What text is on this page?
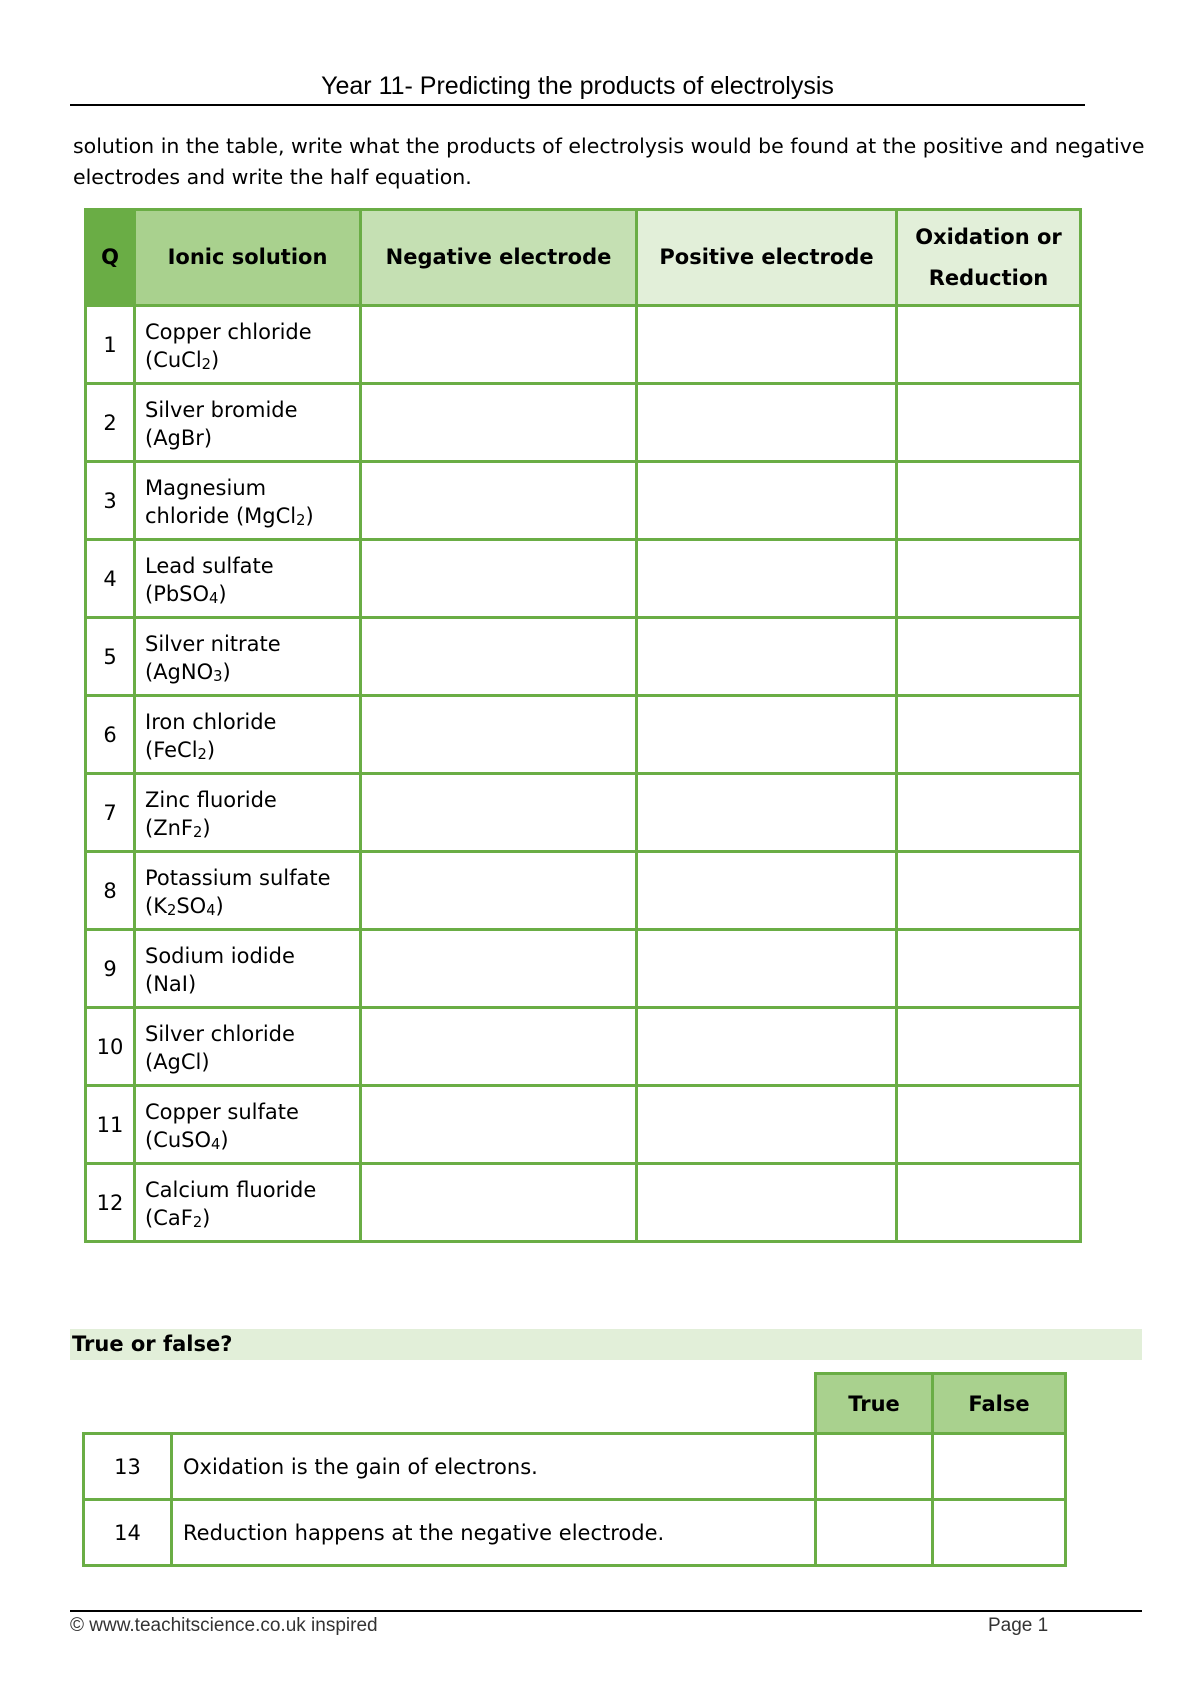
Year 11- Predicting the products of electrolysis
solution in the table, write what the products of electrolysis would be found at the positive and negative electrodes and write the half equation.
Q	Ionic solution	Negative electrode	Positive electrode	Oxidation or Reduction
1	Copper chloride
(CuCl$_2$)			

2	Silver bromide
(AgBr)			

3	Magnesium
chloride (MgCl$_2$)			

4	Lead sulfate
(PbSO$_4$)			

5	Silver nitrate
(AgNO$_3$)			

6	Iron chloride
(FeCl$_2$)			

7	Zinc fluoride
(ZnF$_2$)			

8	Potassium sulfate
$(K_2SO_4)$			

9	Sodium iodide
(NaI)			

10	Silver chloride
(AgCl)			

11	Copper sulfate
(CuSO$_4$)			

12	Calcium fluoride
(CaF$_2$)			

True or false?
		True	False
13	Oxidation is the gain of electrons.		
14	Reduction happens at the negative electrode.		
© www.teachitscience.co.uk inspired	Page 1
